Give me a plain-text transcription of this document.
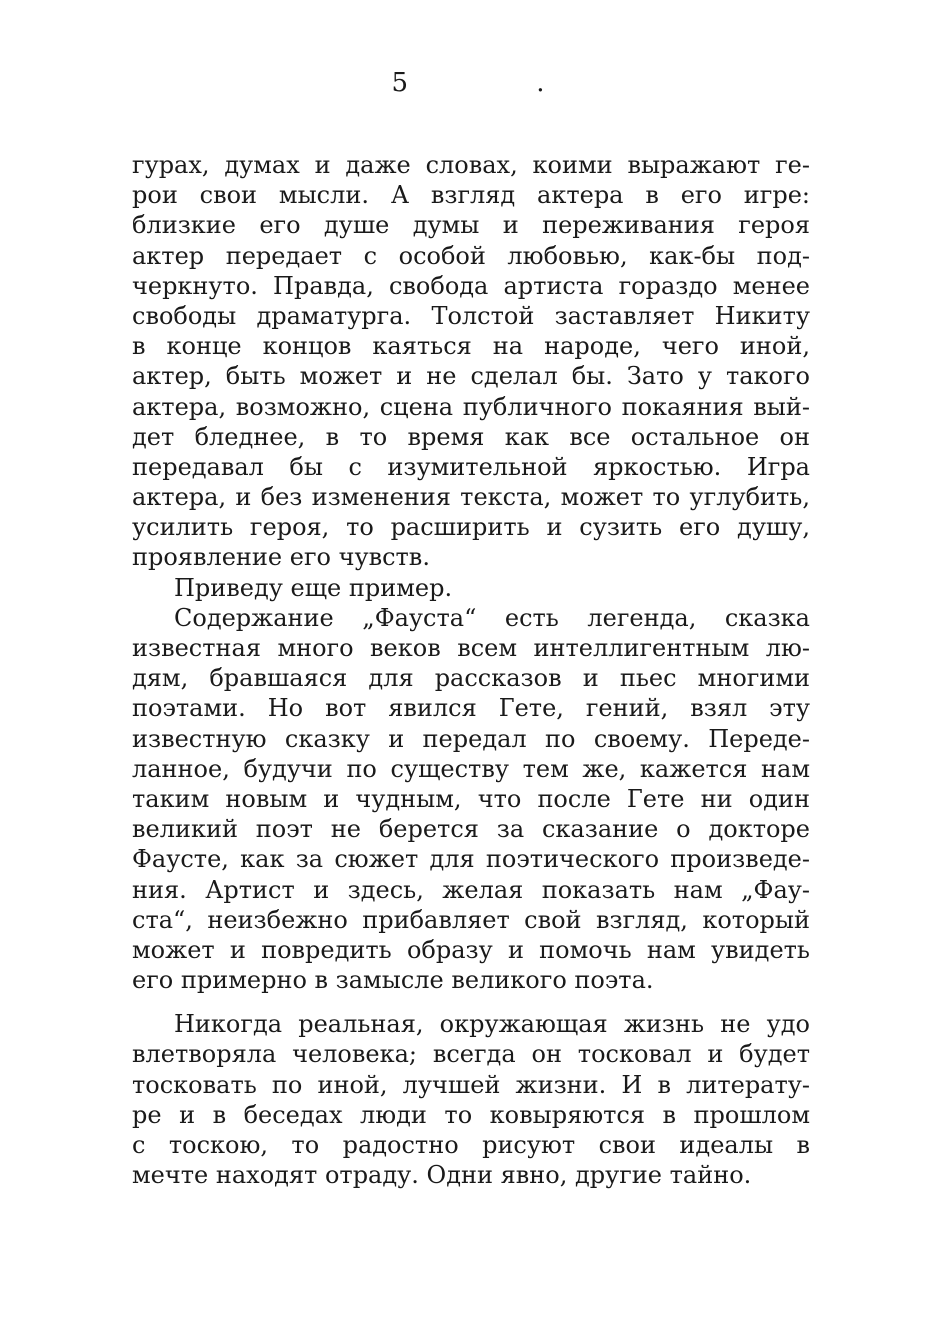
5 .
гурах, думах и даже словах, коими выражают ге-
рои свои мысли. А взгляд актера в его игре:
близкие его душе думы и переживания героя
актер передает с особой любовью, как-бы под-
черкнуто. Правда, свобода артиста гораздо менее
свободы драматурга. Толстой заставляет Никиту
в конце концов каяться на народе, чего иной,
актер, быть может и не сделал бы. Зато у такого
актера, возможно, сцена публичного покаяния вый-
дет бледнее, в то время как все остальное он
передавал бы с изумительной яркостью. Игра
актера, и без изменения текста, может то углубить,
усилить героя, то расширить и сузить его душу,
проявление его чувств.
Приведу еще пример.
Содержание „Фауста“ есть легенда, сказка
известная много веков всем интеллигентным лю-
дям, бравшаяся для рассказов и пьес многими
поэтами. Но вот явился Гете, гений, взял эту
известную сказку и передал по своему. Переде-
ланное, будучи по существу тем же, кажется нам
таким новым и чудным, что после Гете ни один
великий поэт не берется за сказание о докторе
Фаусте, как за сюжет для поэтического произведе-
ния. Артист и здесь, желая показать нам „Фау-
ста“, неизбежно прибавляет свой взгляд, который
может и повредить образу и помочь нам увидеть
его примерно в замысле великого поэта.
Никогда реальная, окружающая жизнь не удо
влетворяла человека; всегда он тосковал и будет
тосковать по иной, лучшей жизни. И в литерату-
ре и в беседах люди то ковыряются в прошлом
с тоскою, то радостно рисуют свои идеалы в
мечте находят отраду. Одни явно, другие тайно.
